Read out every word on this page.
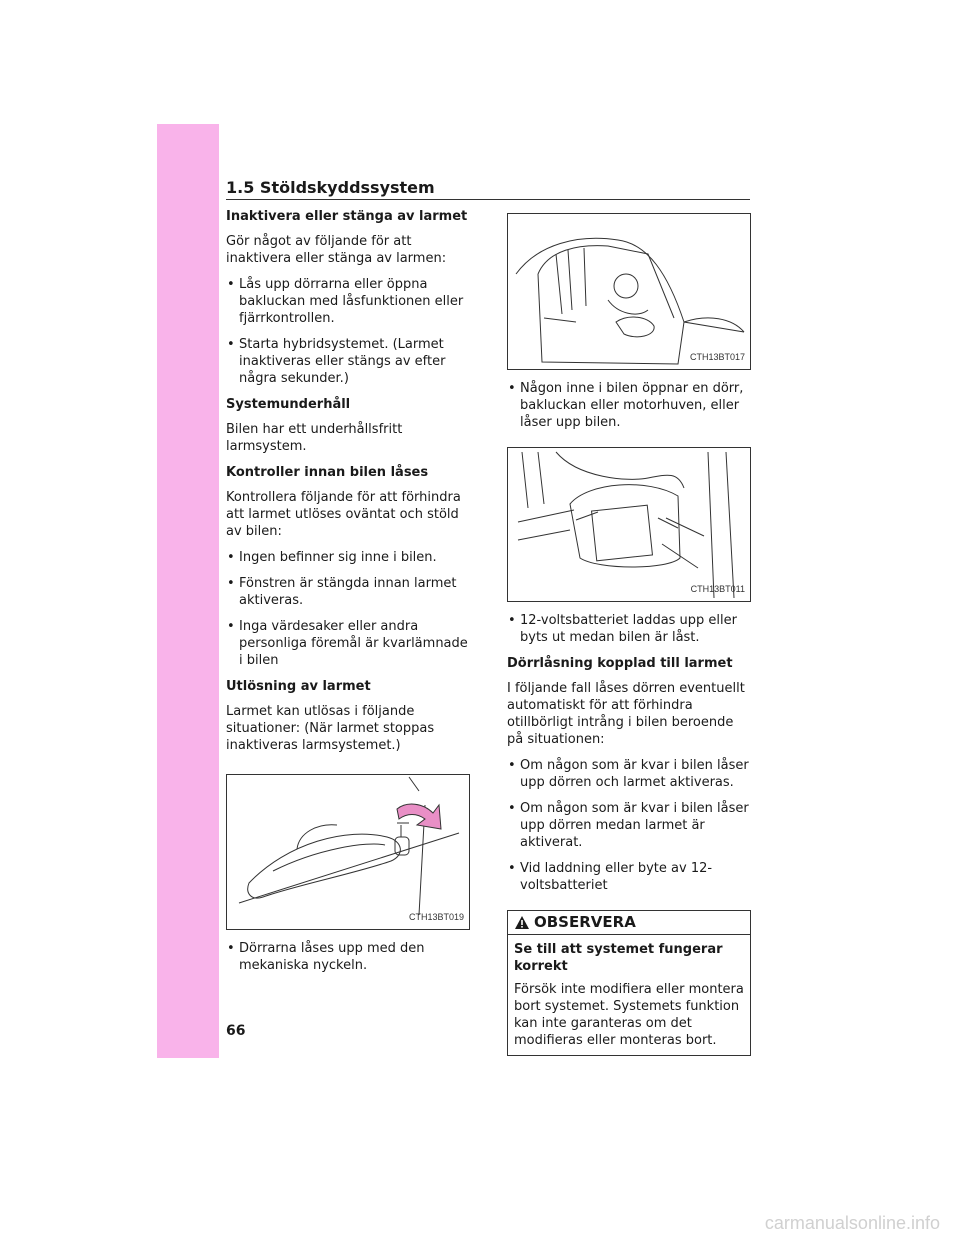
1.5 Stöldskyddssystem

Inaktivera eller stänga av larmet

Gör något av följande för att inaktivera eller stänga av larmen:

• Lås upp dörrarna eller öppna bakluckan med låsfunktionen eller fjärrkontrollen.
• Starta hybridsystemet. (Larmet inaktiveras eller stängs av efter några sekunder.)

Systemunderhåll

Bilen har ett underhållsfritt larmsystem.

Kontroller innan bilen låses

Kontrollera följande för att förhindra att larmet utlöses oväntat och stöld av bilen:

• Ingen befinner sig inne i bilen.
• Fönstren är stängda innan larmet aktiveras.
• Inga värdesaker eller andra personliga föremål är kvarlämnade i bilen

Utlösning av larmet

Larmet kan utlösas i följande situationer: (När larmet stoppas inaktiveras larmsystemet.)

CTH13BT019
• Dörrarna låses upp med den mekaniska nyckeln.
CTH13BT017
• Någon inne i bilen öppnar en dörr, bakluckan eller motorhuven, eller låser upp bilen.
CTH13BT011
• 12-voltsbatteriet laddas upp eller byts ut medan bilen är låst.

Dörrlåsning kopplad till larmet

I följande fall låses dörren eventuellt automatiskt för att förhindra otillbörligt intrång i bilen beroende på situationen:

• Om någon som är kvar i bilen låser upp dörren och larmet aktiveras.
• Om någon som är kvar i bilen låser upp dörren medan larmet är aktiverat.
• Vid laddning eller byte av 12-voltsbatteriet
OBSERVERA

Se till att systemet fungerar korrekt

Försök inte modifiera eller montera bort systemet. Systemets funktion kan inte garanteras om det modifieras eller monteras bort.

66
carmanualsonline.info
